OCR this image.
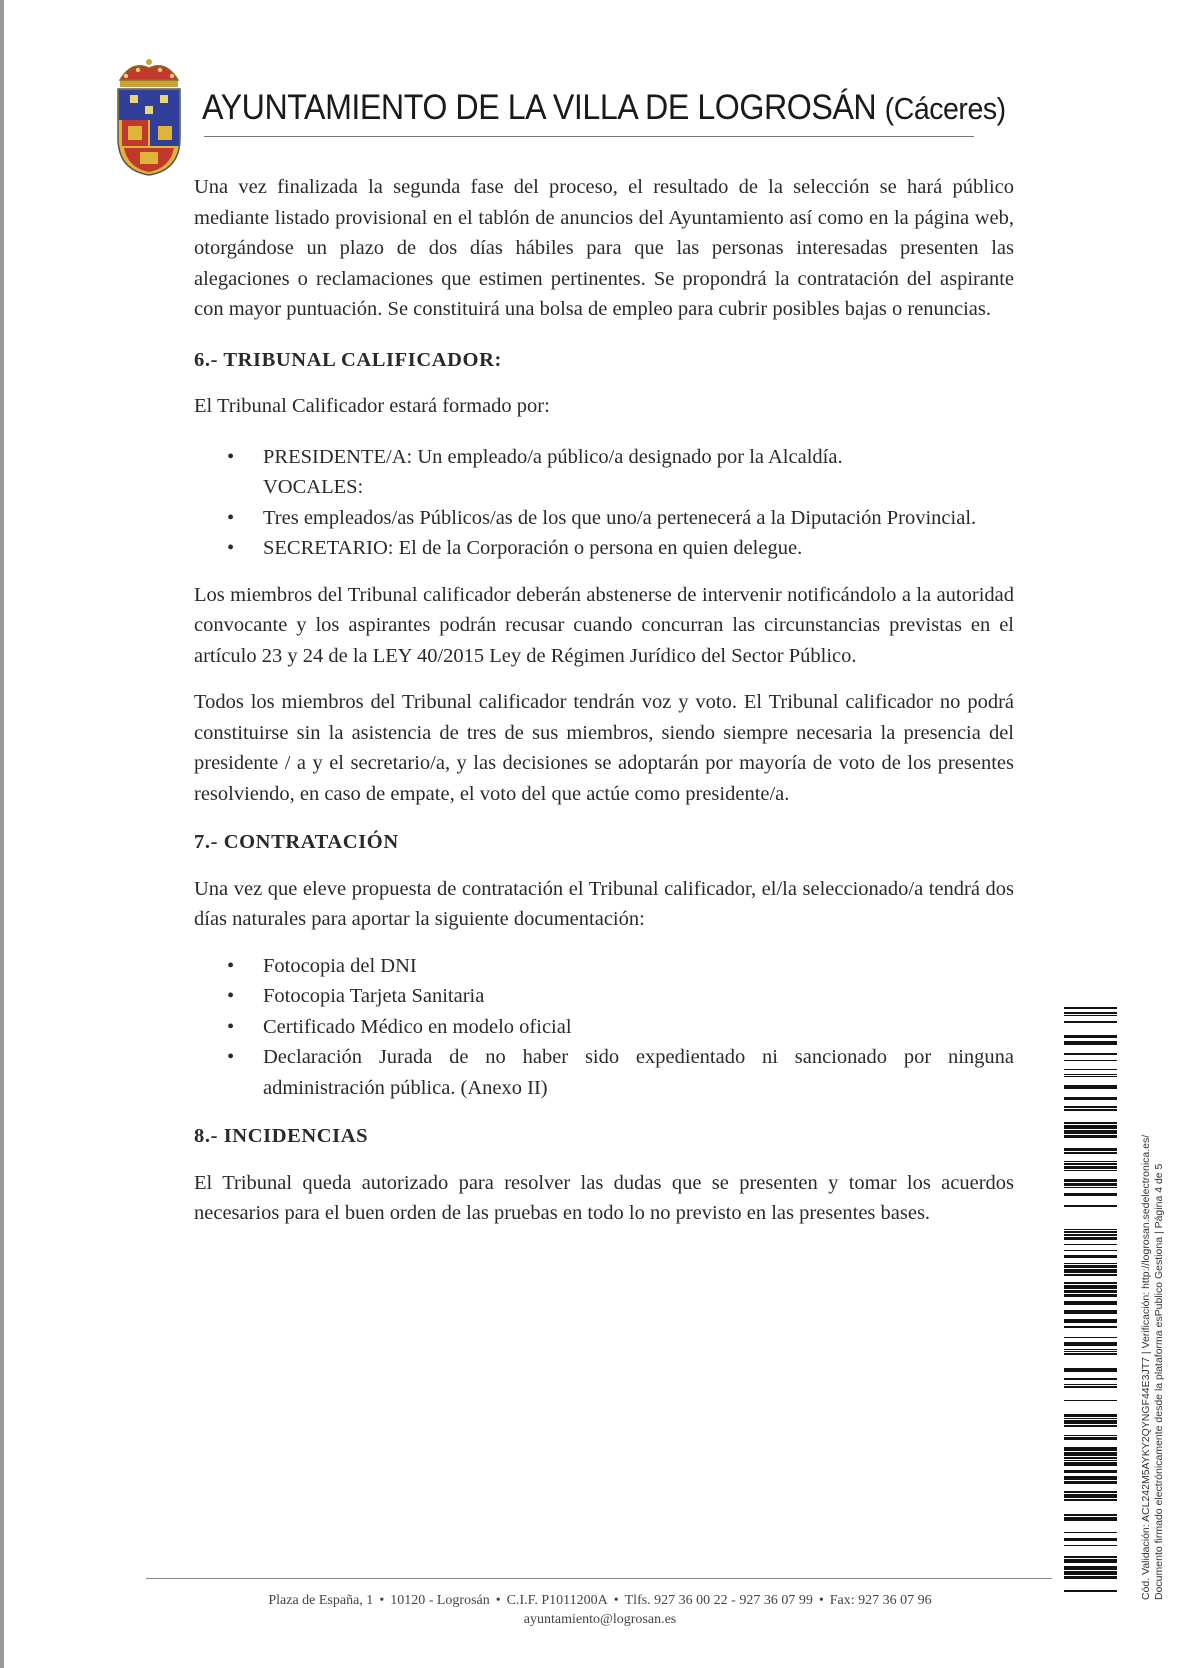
AYUNTAMIENTO DE LA VILLA DE LOGROSÁN (Cáceres)

Una vez finalizada la segunda fase del proceso, el resultado de la selección se hará público mediante listado provisional en el tablón de anuncios del Ayuntamiento así como en la página web, otorgándose un plazo de dos días hábiles para que las personas interesadas presenten las alegaciones o reclamaciones que estimen pertinentes. Se propondrá la contratación del aspirante con mayor puntuación. Se constituirá una bolsa de empleo para cubrir posibles bajas o renuncias.

6.- TRIBUNAL CALIFICADOR:

El Tribunal Calificador estará formado por:

• PRESIDENTE/A: Un empleado/a público/a designado por la Alcaldía.
VOCALES:
• Tres empleados/as Públicos/as de los que uno/a pertenecerá a la Diputación Provincial.
• SECRETARIO: El de la Corporación o persona en quien delegue.

Los miembros del Tribunal calificador deberán abstenerse de intervenir notificándolo a la autoridad convocante y los aspirantes podrán recusar cuando concurran las circunstancias previstas en el artículo 23 y 24 de la LEY 40/2015 Ley de Régimen Jurídico del Sector Público.

Todos los miembros del Tribunal calificador tendrán voz y voto. El Tribunal calificador no podrá constituirse sin la asistencia de tres de sus miembros, siendo siempre necesaria la presencia del presidente / a y el secretario/a, y las decisiones se adoptarán por mayoría de voto de los presentes resolviendo, en caso de empate, el voto del que actúe como presidente/a.

7.- CONTRATACIÓN

Una vez que eleve propuesta de contratación el Tribunal calificador, el/la seleccionado/a tendrá dos días naturales para aportar la siguiente documentación:

• Fotocopia del DNI
• Fotocopia Tarjeta Sanitaria
• Certificado Médico en modelo oficial
• Declaración Jurada de no haber sido expedientado ni sancionado por ninguna administración pública. (Anexo II)
8.- INCIDENCIAS

El Tribunal queda autorizado para resolver las dudas que se presenten y tomar los acuerdos necesarios para el buen orden de las pruebas en todo lo no previsto en las presentes bases.

Plaza de España, 1 • 10120 - Logrosán • C.I.F. P1011200A • Tlfs. 927 36 00 22 - 927 36 07 99 • Fax: 927 36 07 96
ayuntamiento@logrosan.es
Cód. Validación: ACL242M5AYKY2QYNGF44E3JT7 | Verificación: http://logrosan.sedelectronica.es/ Documento firmado electrónicamente desde la plataforma esPublico Gestiona | Página 4 de 5
